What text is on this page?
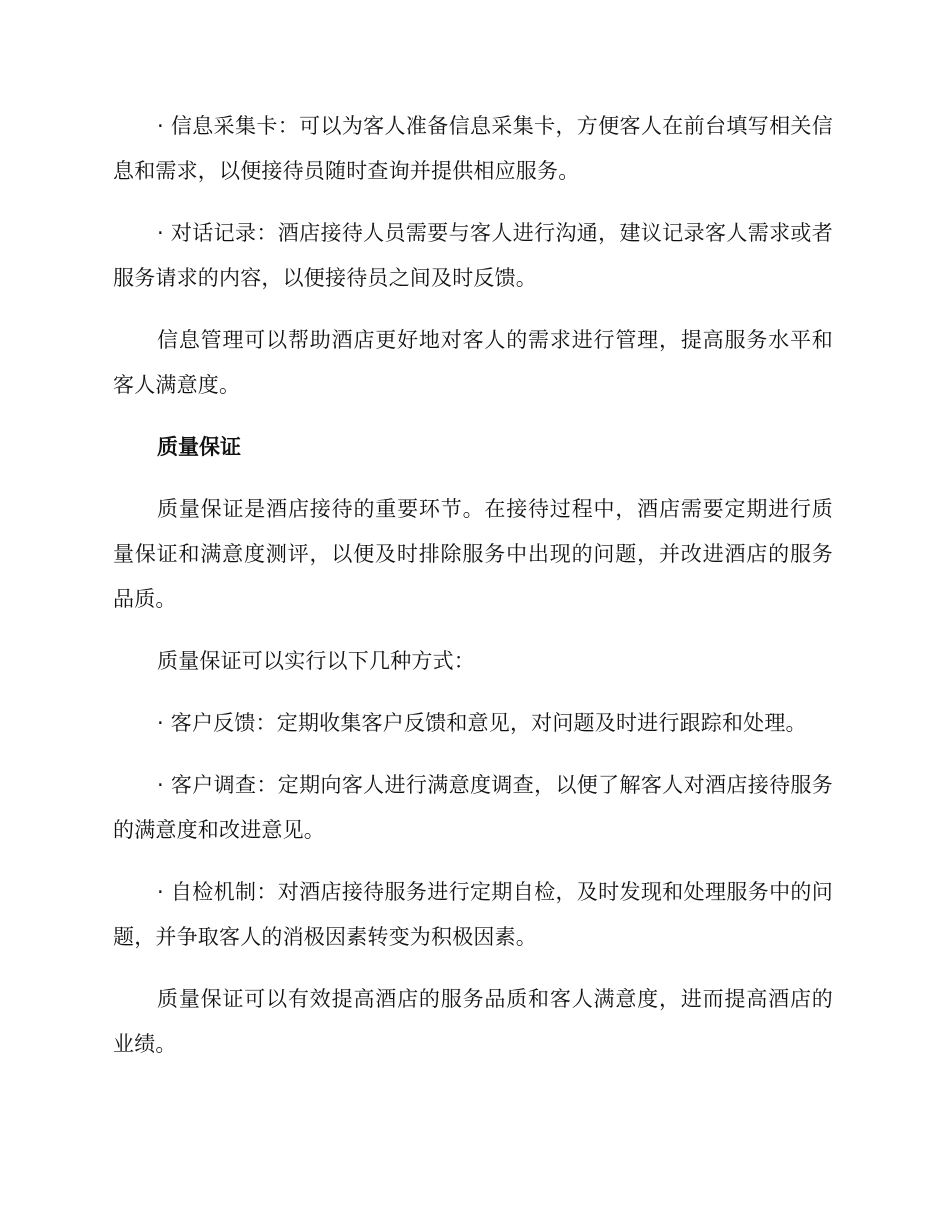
· 信息采集卡：可以为客人准备信息采集卡，方便客人在前台填写相关信息和需求，以便接待员随时查询并提供相应服务。

· 对话记录：酒店接待人员需要与客人进行沟通，建议记录客人需求或者服务请求的内容，以便接待员之间及时反馈。

信息管理可以帮助酒店更好地对客人的需求进行管理，提高服务水平和客人满意度。

质量保证

质量保证是酒店接待的重要环节。在接待过程中，酒店需要定期进行质量保证和满意度测评，以便及时排除服务中出现的问题，并改进酒店的服务品质。

质量保证可以实行以下几种方式：

· 客户反馈：定期收集客户反馈和意见，对问题及时进行跟踪和处理。

· 客户调查：定期向客人进行满意度调查，以便了解客人对酒店接待服务的满意度和改进意见。

· 自检机制：对酒店接待服务进行定期自检，及时发现和处理服务中的问题，并争取客人的消极因素转变为积极因素。

质量保证可以有效提高酒店的服务品质和客人满意度，进而提高酒店的业绩。
